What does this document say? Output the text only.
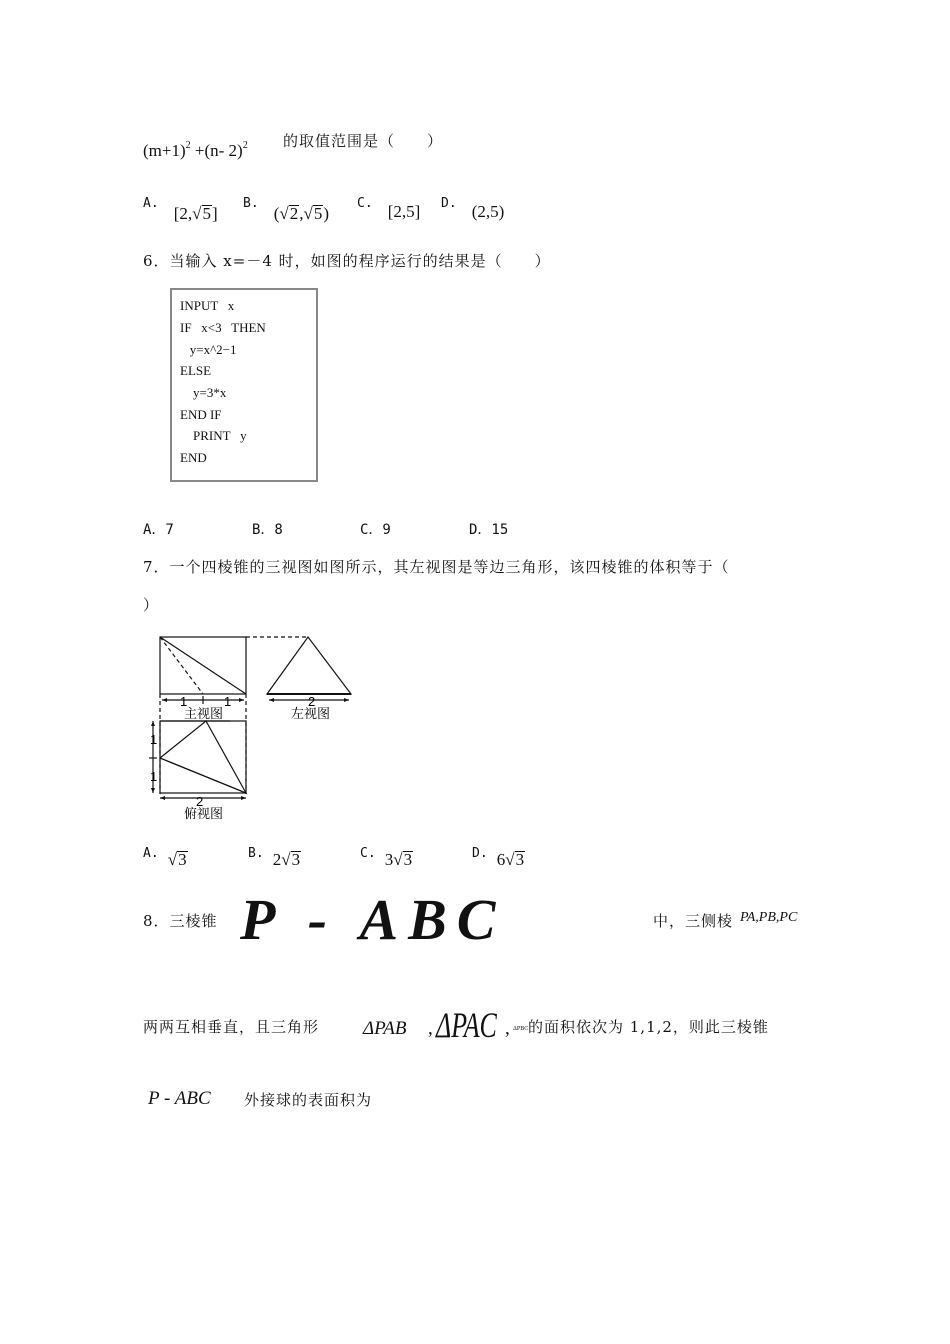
$(m+1)^2 +(n-$ 2)$^2$ 的取值范围是（　　）
A. [2,√5]
B. (√2,√5)
C. [2,5] D. (2,5)
6．当输入 x=－4 时，如图的程序运行的结果是（　　）
INPUT   x
IF   x<3   THEN
y=x^2−1
ELSE
y=3*x
END IF
PRINT   y
END
A．7	B．8	C．9	D．15
7．一个四棱锥的三视图如图所示，其左视图是等边三角形，该四棱锥的体积等于（
）
1	1	2
主视图	左视图
1
1
2
俯视图
A. √3	B. 2√3	C. 3√3	D. 6√3
8．三棱锥 P - ABC	中，三侧棱 PA,PB,PC
两两互相垂直，且三角形 ΔPAB , ΔPAC , ΔPBC 的面积依次为 1,1,2，则此三棱锥
P - ABC 外接球的表面积为
